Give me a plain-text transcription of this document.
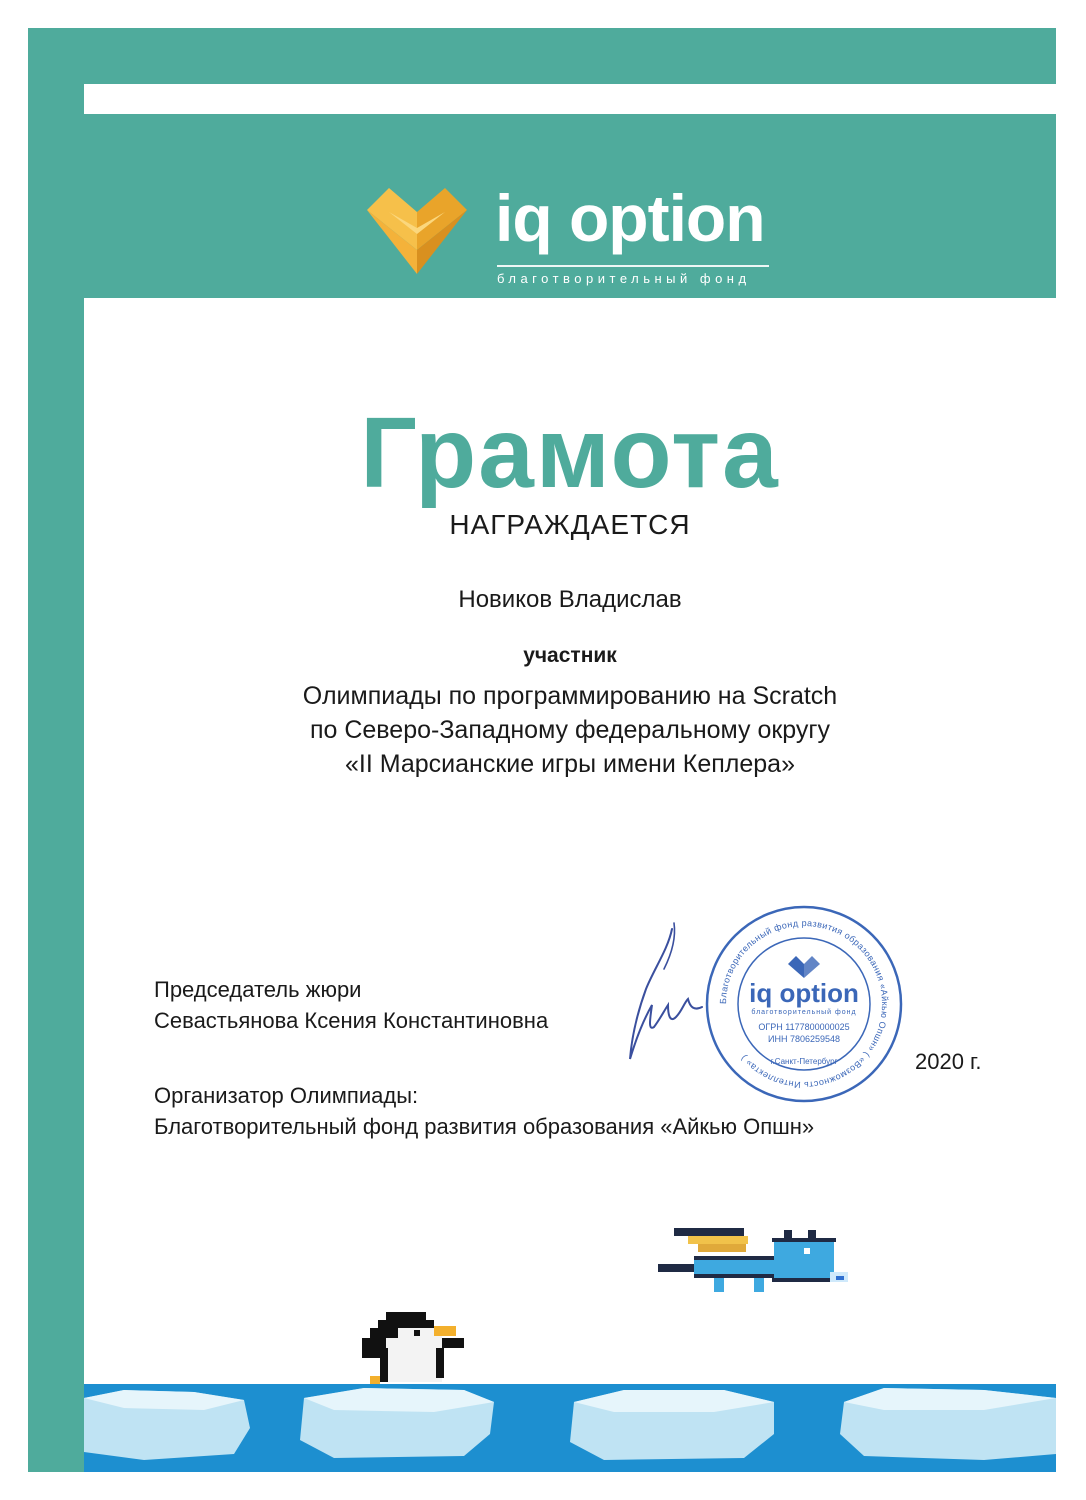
iq option
благотворительный фонд
Грамота
НАГРАЖДАЕТСЯ
Новиков Владислав
участник
Олимпиады по программированию на Scratch
по Северо-Западному федеральному округу
«II Марсианские игры имени Кеплера»
Председатель жюри
Севастьянова Ксения Константиновна
Благотворительный фонд развития образования «Айкью Опшн» ( «Возможность Интеллекта» )
iq option
благотворительный фонд
ОГРН 1177800000025
ИНН 7806259548
г.Санкт-Петербург	2020 г.
Организатор Олимпиады:
Благотворительный фонд развития образования «Айкью Опшн»
